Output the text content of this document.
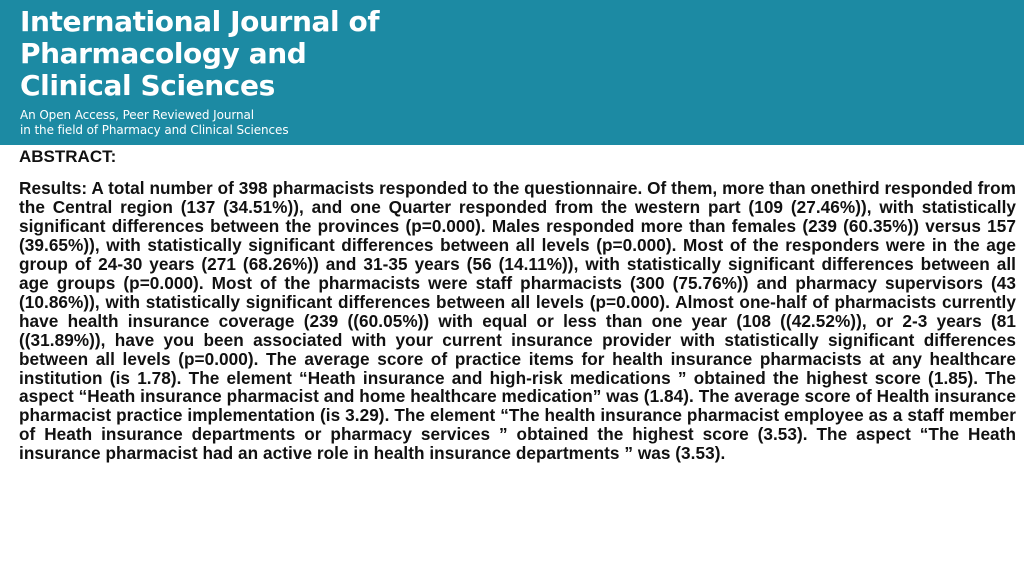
International Journal of
Pharmacology and
Clinical Sciences
An Open Access, Peer Reviewed Journal
in the field of Pharmacy and Clinical Sciences
ABSTRACT:

Results: A total number of 398 pharmacists responded to the questionnaire. Of them, more than onethird responded from the Central region (137 (34.51%)), and one Quarter responded from the western part (109 (27.46%)), with statistically significant differences between the provinces (p=0.000). Males responded more than females (239 (60.35%)) versus 157 (39.65%)), with statistically significant differences between all levels (p=0.000). Most of the responders were in the age group of 24-30 years (271 (68.26%)) and 31-35 years (56 (14.11%)), with statistically significant differences between all age groups (p=0.000). Most of the pharmacists were staff pharmacists (300 (75.76%)) and pharmacy supervisors (43 (10.86%)), with statistically significant differences between all levels (p=0.000). Almost one-half of pharmacists currently have health insurance coverage (239 ((60.05%)) with equal or less than one year (108 ((42.52%)), or 2-3 years (81 ((31.89%)), have you been associated with your current insurance provider with statistically significant differences between all levels (p=0.000). The average score of practice items for health insurance pharmacists at any healthcare institution (is 1.78). The element “Heath insurance and high-risk medications ” obtained the highest score (1.85). The aspect “Heath insurance pharmacist and home healthcare medication” was (1.84). The average score of Health insurance pharmacist practice implementation (is 3.29). The element “The health insurance pharmacist employee as a staff member of Heath insurance departments or pharmacy services ” obtained the highest score (3.53). The aspect “The Heath insurance pharmacist had an active role in health insurance departments ” was (3.53).
